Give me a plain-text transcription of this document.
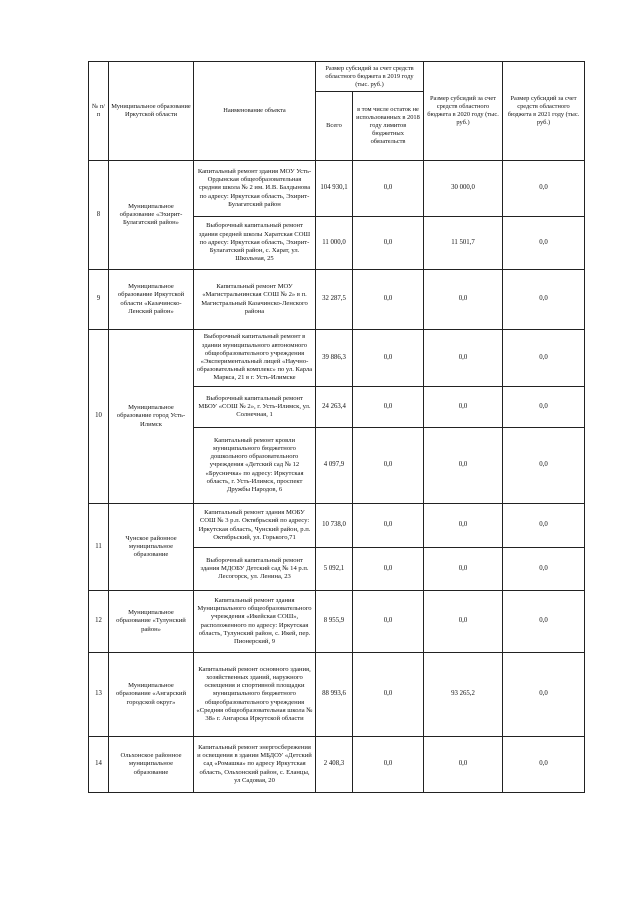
№ п/п	Муниципальное образование Иркутской области	Наименование объекта	Размер субсидий за счет средств областного бюджета в 2019 году (тыс. руб.)		Размер субсидий за счет средств областного бюджета в 2020 году (тыс. руб.)	Размер субсидий за счет средств областного бюджета в 2021 году (тыс. руб.)
			Всего	в том числе остаток не использованных в 2018 году лимитов бюджетных обязательств		
8	Муниципальное образование «Эхирит-Булагатский район»	Капитальный ремонт здания МОУ Усть-Ордынская общеобразовательная средняя школа № 2 им. И.В. Балдынова по адресу: Иркутская область, Эхирит-Булагатский район	104 930,1	0,0	30 000,0	0,0
		Выборочный капитальный ремонт здания средней школы Харатская СОШ по адресу: Иркутская область, Эхирит-Булагатский район, с. Харат, ул. Школьная, 25	11 000,0	0,0	11 501,7	0,0
9	Муниципальное образование Иркутской области «Казачинско-Ленский район»	Капитальный ремонт МОУ «Магистральнинская СОШ № 2» в п. Магистральный Казачинско-Ленского района	32 287,5	0,0	0,0	0,0
10	Муниципальное образование город Усть-Илимск	Выборочный капитальный ремонт в здании муниципального автономного общеобразовательного учреждения «Экспериментальный лицей «Научно-образовательный комплекс» по ул. Карла Маркса, 21 в г. Усть-Илимске	39 886,3	0,0	0,0	0,0
		Выборочный капитальный ремонт МБОУ «СОШ № 2», г. Усть-Илимск, ул. Солнечная, 1	24 263,4	0,0	0,0	0,0
		Капитальный ремонт кровли муниципального бюджетного дошкольного образовательного учреждения «Детский сад № 12 «Брусничка» по адресу: Иркутская область, г. Усть-Илимск, проспект Дружбы Народов, 6	4 097,9	0,0	0,0	0,0
11	Чунское районное муниципальное образование	Капитальный ремонт здания МОБУ СОШ № 3 р.п. Октябрьский по адресу: Иркутская область, Чунский район, р.п. Октябрьский, ул. Горького,71	10 738,0	0,0	0,0	0,0
		Выборочный капитальный ремонт здания МДОБУ Детский сад № 14 р.п. Лесогорск, ул. Ленина, 23	5 092,1	0,0	0,0	0,0
12	Муниципальное образование «Тулунский район»	Капитальный ремонт здания Муниципального общеобразовательного учреждения «Икейская СОШ», расположенного по адресу: Иркутская область, Тулунский район, с. Икей, пер. Пионерский, 9	8 955,9	0,0	0,0	0,0
13	Муниципальное образование «Ангарский городской округ»	Капитальный ремонт основного здания, хозяйственных зданий, наружного освещения и спортивной площадки муниципального бюджетного общеобразовательного учреждения «Средняя общеобразовательная школа № 38» г. Ангарска Иркутской области	88 993,6	0,0	93 265,2	0,0
14	Ольхонское районное муниципальное образование	Капитальный ремонт энергосбережения и освещения в здании МБДОУ «Детский сад «Ромашка» по адресу Иркутская область, Ольхонский район, с. Еланцы, ул Садовая, 20	2 408,3	0,0	0,0	0,0
